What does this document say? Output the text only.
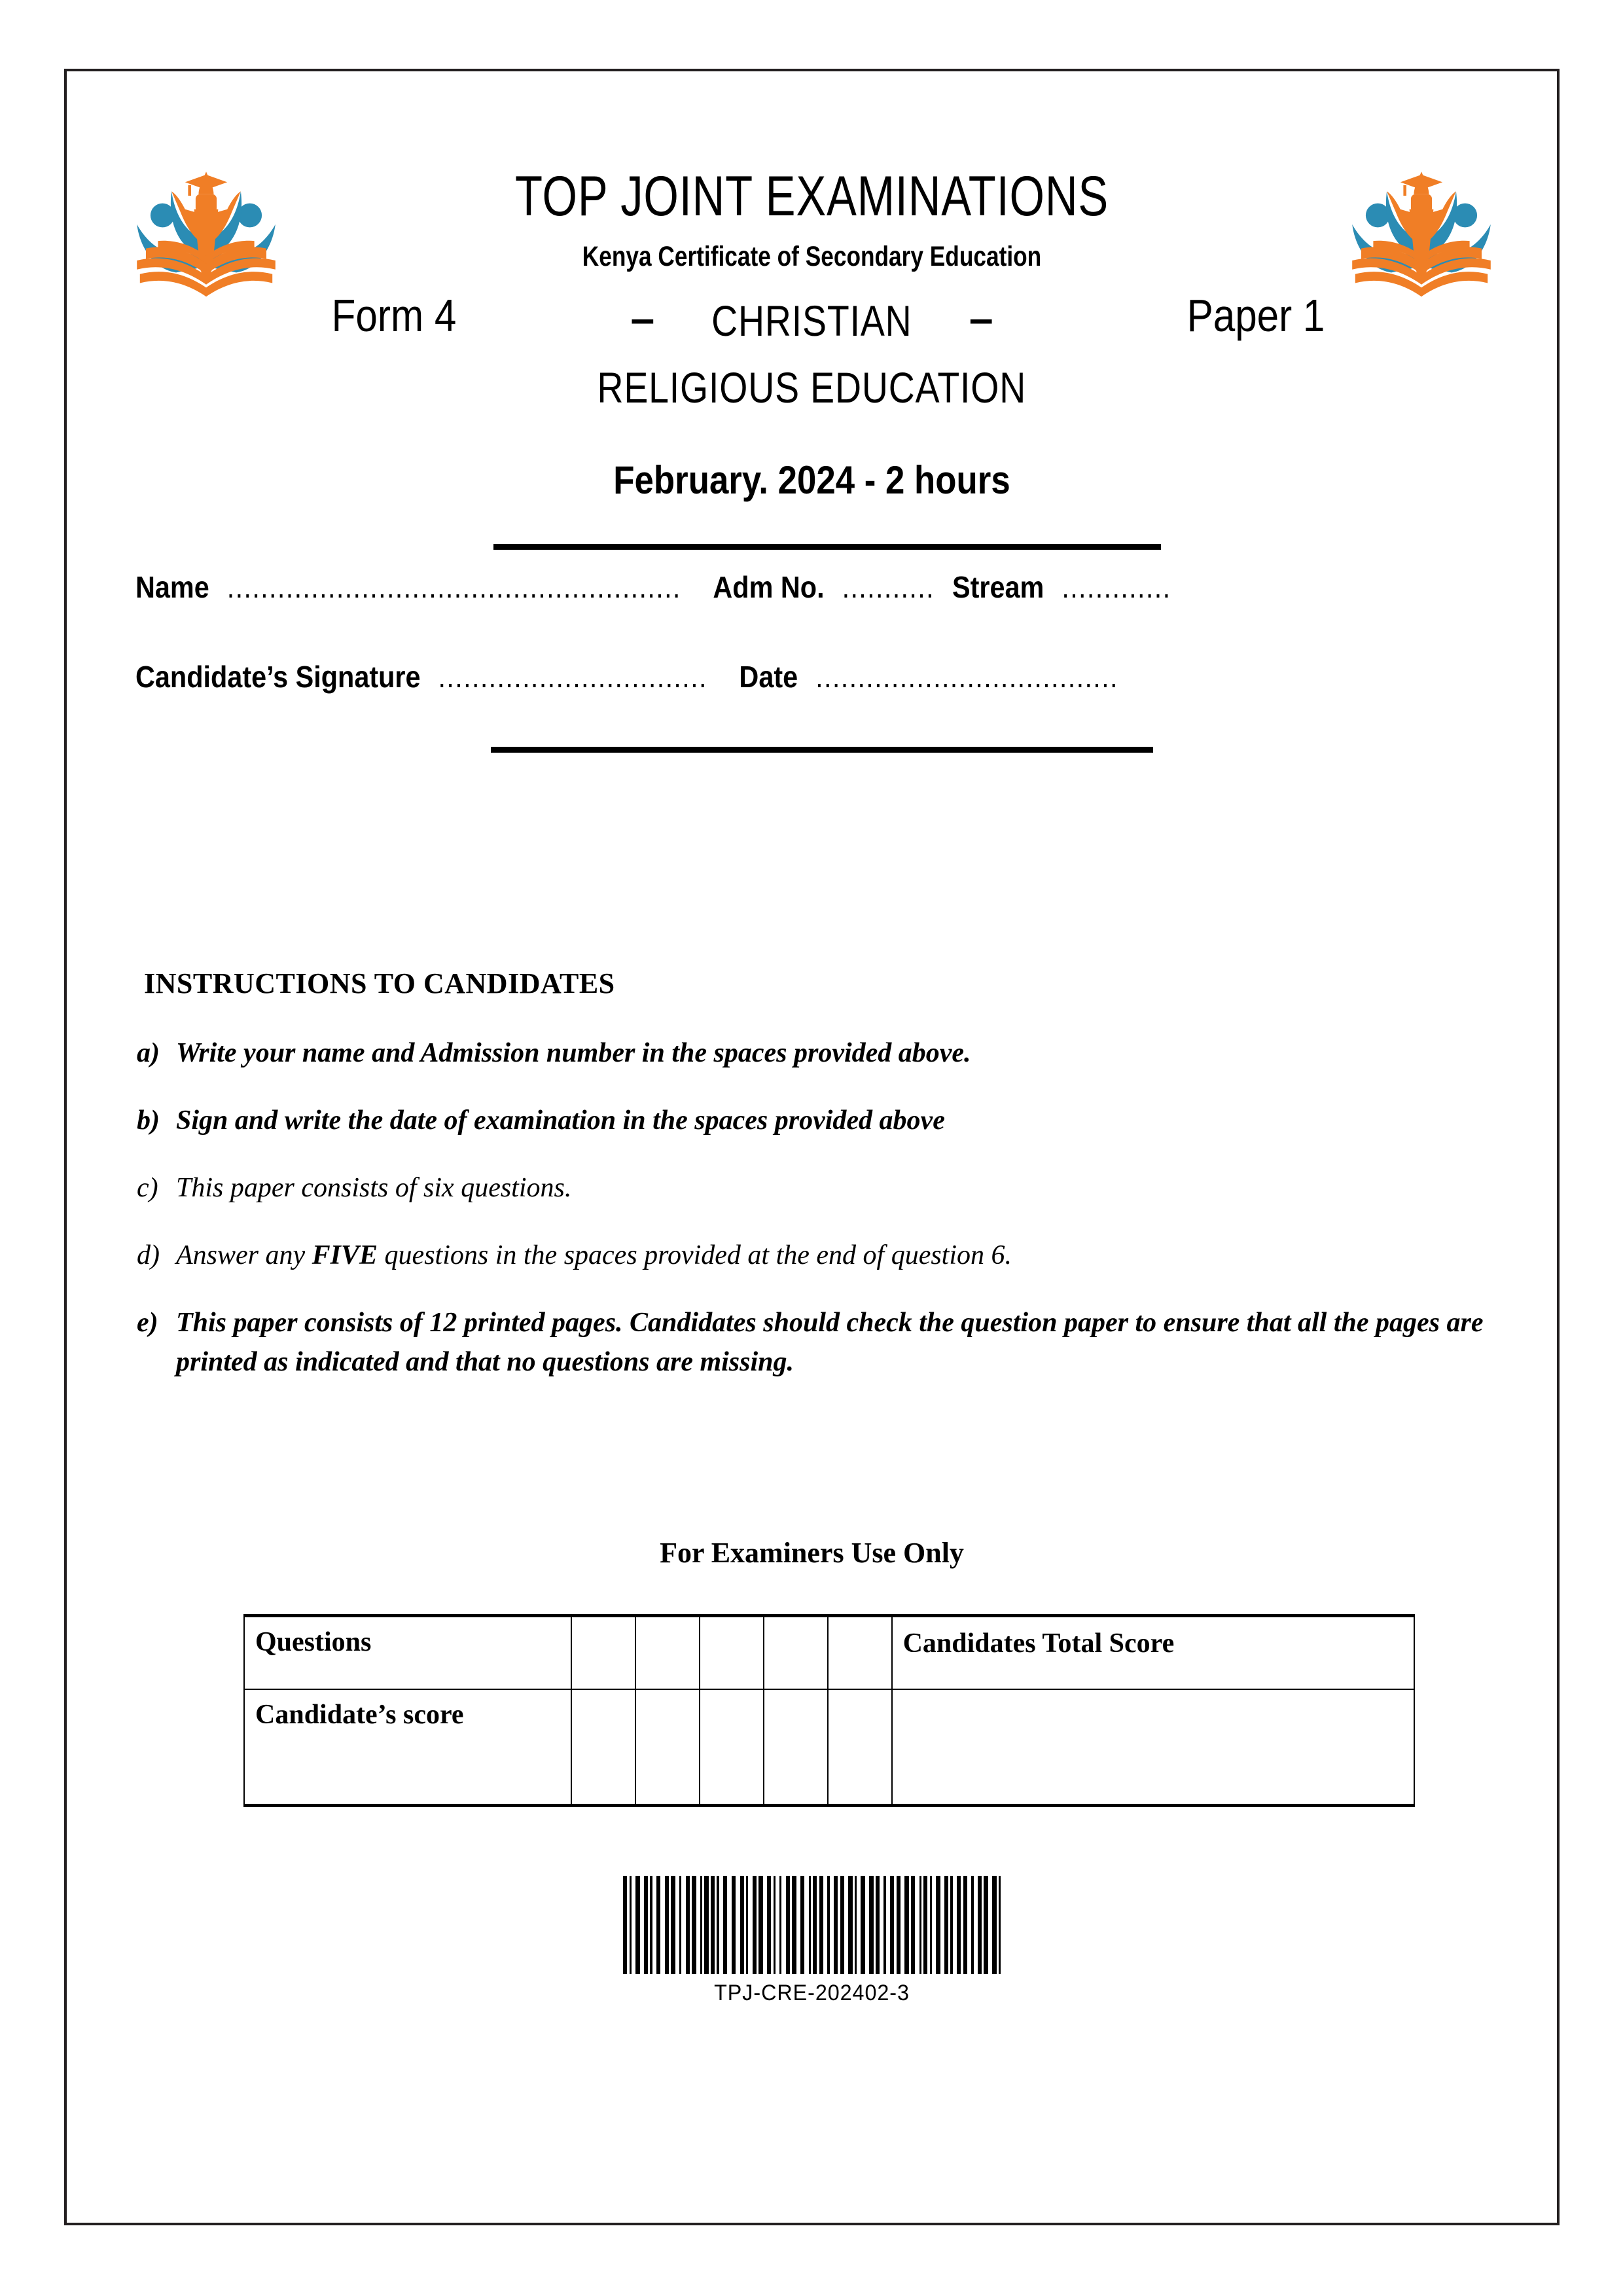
TOP JOINT EXAMINATIONS
Kenya Certificate of Secondary Education
Form 4	– CHRISTIAN –	Paper 1
RELIGIOUS EDUCATION
February. 2024 - 2 hours
Name ...................................................... Adm No. ........... Stream .............
Candidate’s Signature ................................ Date ....................................
INSTRUCTIONS TO CANDIDATES
a) Write your name and Admission number in the spaces provided above.
b) Sign and write the date of examination in the spaces provided above
c) This paper consists of six questions.
d) Answer any FIVE questions in the spaces provided at the end of question 6.
e) This paper consists of 12 printed pages. Candidates should check the question paper to ensure that all the pages are printed as indicated and that no questions are missing.
For Examiners Use Only
Questions						Candidates Total Score
Candidate’s score						
TPJ-CRE-202402-3
